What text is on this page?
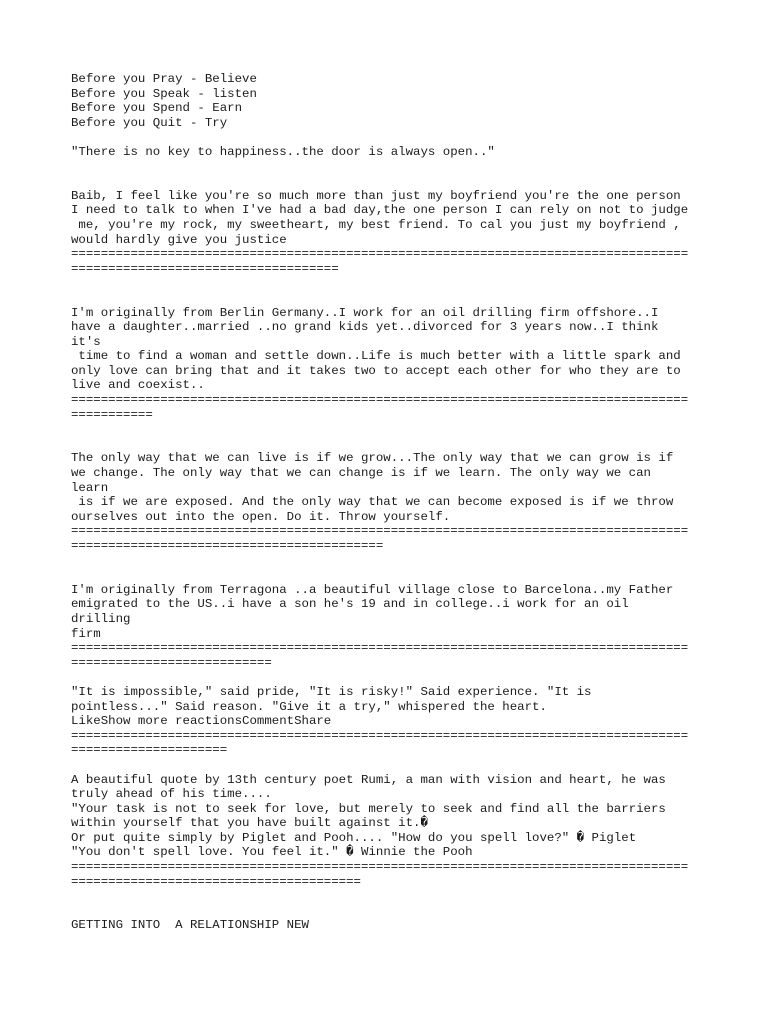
Before you Pray - Believe
Before you Speak - listen
Before you Spend - Earn
Before you Quit - Try
"There is no key to happiness..the door is always open.."
Baib, I feel like you're so much more than just my boyfriend you're the one person
I need to talk to when I've had a bad day,the one person I can rely on not to judge
me, you're my rock, my sweetheart, my best friend. To cal you just my boyfriend ,
would hardly give you justice
===================================================================================
====================================
I'm originally from Berlin Germany..I work for an oil drilling firm offshore..I
have a daughter..married ..no grand kids yet..divorced for 3 years now..I think
it's
time to find a woman and settle down..Life is much better with a little spark and
only love can bring that and it takes two to accept each other for who they are to
live and coexist..
===================================================================================
===========
The only way that we can live is if we grow...The only way that we can grow is if
we change. The only way that we can change is if we learn. The only way we can
learn
is if we are exposed. And the only way that we can become exposed is if we throw
ourselves out into the open. Do it. Throw yourself.
===================================================================================
==========================================
I'm originally from Terragona ..a beautiful village close to Barcelona..my Father
emigrated to the US..i have a son he's 19 and in college..i work for an oil
drilling
firm
===================================================================================
===========================
"It is impossible," said pride, "It is risky!" Said experience. "It is
pointless..." Said reason. "Give it a try," whispered the heart.
LikeShow more reactionsCommentShare
===================================================================================
=====================
A beautiful quote by 13th century poet Rumi, a man with vision and heart, he was
truly ahead of his time....
"Your task is not to seek for love, but merely to seek and find all the barriers
within yourself that you have built against it.�
Or put quite simply by Piglet and Pooh.... "How do you spell love?" � Piglet
"You don't spell love. You feel it." � Winnie the Pooh
===================================================================================
=======================================
GETTING INTO  A RELATIONSHIP NEW
